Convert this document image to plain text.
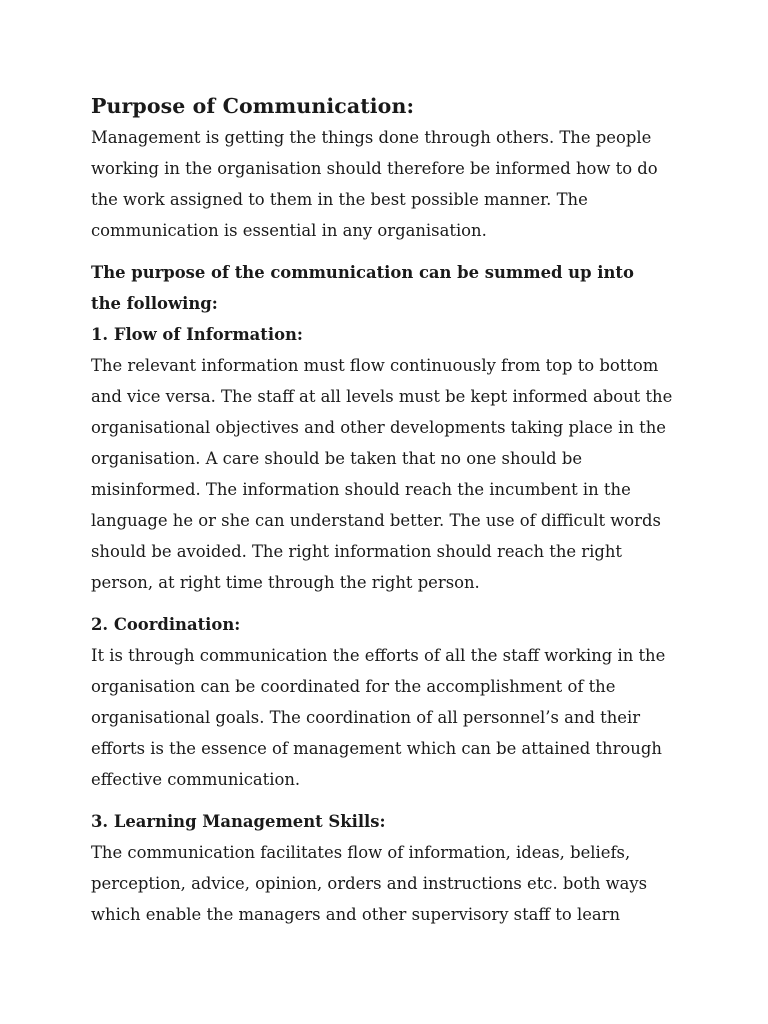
Purpose of Communication:

Management is getting the things done through others. The people
working in the organisation should therefore be informed how to do
the work assigned to them in the best possible manner. The
communication is essential in any organisation.

The purpose of the communication can be summed up into
the following:

1. Flow of Information:

The relevant information must flow continuously from top to bottom
and vice versa. The staff at all levels must be kept informed about the
organisational objectives and other developments taking place in the
organisation. A care should be taken that no one should be
misinformed. The information should reach the incumbent in the
language he or she can understand better. The use of difficult words
should be avoided. The right information should reach the right
person, at right time through the right person.

2. Coordination:

It is through communication the efforts of all the staff working in the
organisation can be coordinated for the accomplishment of the
organisational goals. The coordination of all personnel’s and their
efforts is the essence of management which can be attained through
effective communication.

3. Learning Management Skills:

The communication facilitates flow of information, ideas, beliefs,
perception, advice, opinion, orders and instructions etc. both ways
which enable the managers and other supervisory staff to learn
